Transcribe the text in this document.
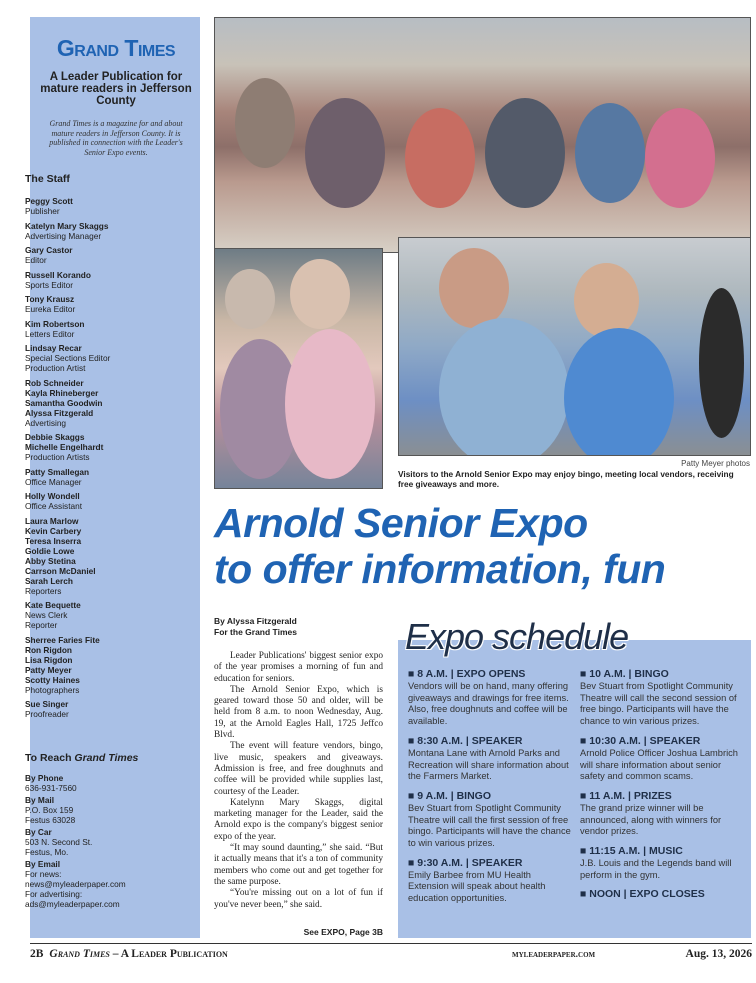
Grand Times
A Leader Publication for mature readers in Jefferson County
Grand Times is a magazine for and about mature readers in Jefferson County. It is published in connection with the Leader's Senior Expo events.
The Staff
Peggy Scott
Publisher
Katelyn Mary Skaggs
Advertising Manager
Gary Castor
Editor
Russell Korando
Sports Editor
Tony Krausz
Eureka Editor
Kim Robertson
Letters Editor
Lindsay Recar
Special Sections Editor
Production Artist
Rob Schneider
Kayla Rhineberger
Samantha Goodwin
Alyssa Fitzgerald
Advertising
Debbie Skaggs
Michelle Engelhardt
Production Artists
Patty Smallegan
Office Manager
Holly Wondell
Office Assistant
Laura Marlow
Kevin Carbery
Teresa Inserra
Goldie Lowe
Abby Stetina
Carrson McDaniel
Sarah Lerch
Reporters
Kate Bequette
News Clerk
Reporter
Sherree Faries Fite
Ron Rigdon
Lisa Rigdon
Patty Meyer
Scotty Haines
Photographers
Sue Singer
Proofreader
To Reach Grand Times
By Phone
636-931-7560
By Mail
P.O. Box 159
Festus 63028
By Car
503 N. Second St.
Festus, Mo.
By Email
For news:
news@myleaderpaper.com
For advertising:
ads@myleaderpaper.com
Patty Meyer photos
Visitors to the Arnold Senior Expo may enjoy bingo, meeting local vendors, receiving free giveaways and more.
Arnold Senior Expo
to offer information, fun
By Alyssa Fitzgerald
For the Grand Times

Leader Publications' biggest senior expo of the year promises a morning of fun and education for seniors.

The Arnold Senior Expo, which is geared toward those 50 and older, will be held from 8 a.m. to noon Wednesday, Aug. 19, at the Arnold Eagles Hall, 1725 Jeffco Blvd.

The event will feature vendors, bingo, live music, speakers and giveaways. Admission is free, and free doughnuts and coffee will be provided while supplies last, courtesy of the Leader.

Katelynn Mary Skaggs, digital marketing manager for the Leader, said the Arnold expo is the company's biggest senior expo of the year.

“It may sound daunting,” she said. “But it actually means that it's a ton of community members who come out and get together for the same purpose.

“You're missing out on a lot of fun if you've never been,” she said.

See EXPO, Page 3B
Expo schedule
■ 8 A.M. | EXPO OPENS
Vendors will be on hand, many offering giveaways and drawings for free items. Also, free doughnuts and coffee will be available.
■ 8:30 A.M. | SPEAKER
Montana Lane with Arnold Parks and Recreation will share information about the Farmers Market.
■ 9 A.M. | BINGO
Bev Stuart from Spotlight Community Theatre will call the first session of free bingo. Participants will have the chance to win various prizes.
■ 9:30 A.M. | SPEAKER
Emily Barbee from MU Health Extension will speak about health education opportunities.
■ 10 A.M. | BINGO
Bev Stuart from Spotlight Community Theatre will call the second session of free bingo. Participants will have the chance to win various prizes.
■ 10:30 A.M. | SPEAKER
Arnold Police Officer Joshua Lambrich will share information about senior safety and common scams.
■ 11 A.M. | PRIZES
The grand prize winner will be announced, along with winners for vendor prizes.
■ 11:15 A.M. | MUSIC
J.B. Louis and the Legends band will perform in the gym.
■ NOON | EXPO CLOSES
2B Grand Times – A Leader Publication	myleaderpaper.com	Aug. 13, 2026
